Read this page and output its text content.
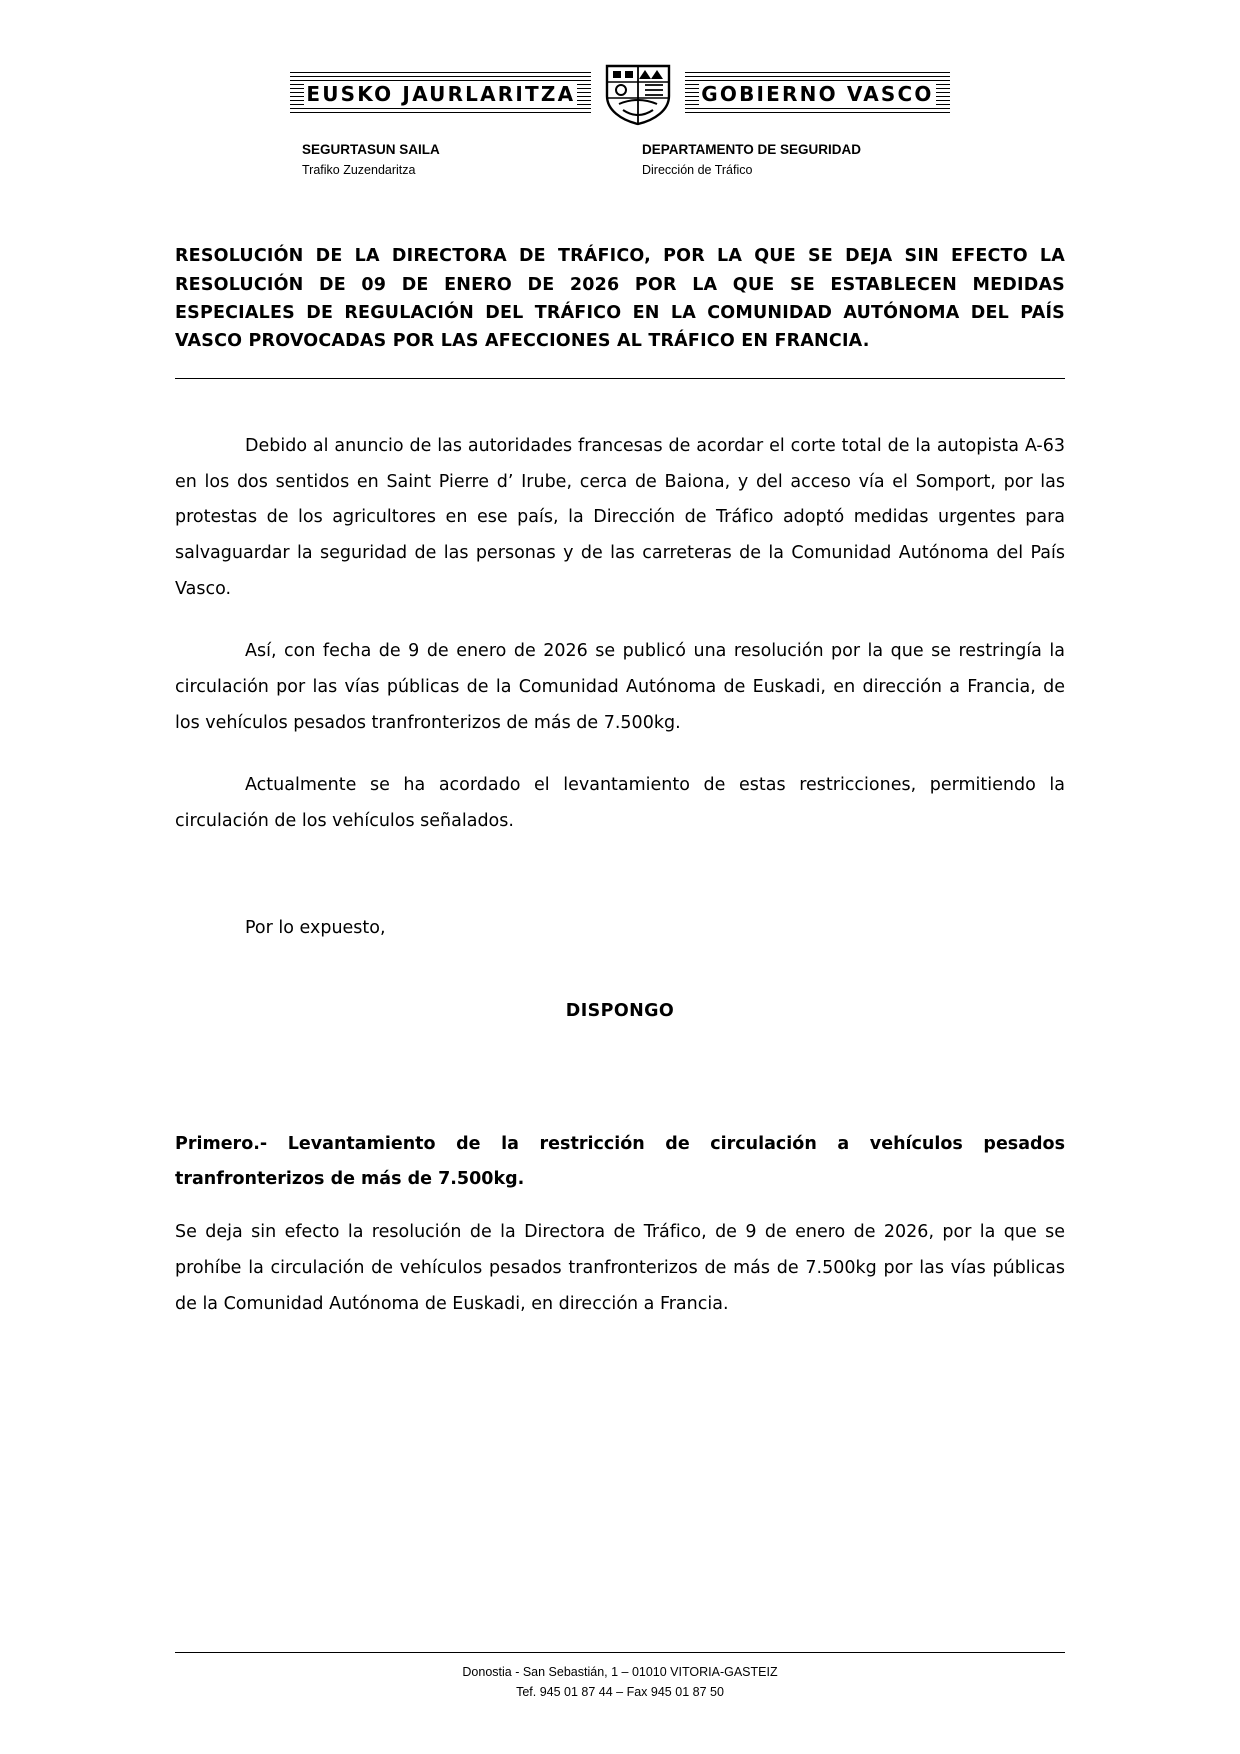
EUSKO JAURLARITZA	GOBIERNO VASCO
SEGURTASUN SAILA
Trafiko Zuzendaritza
DEPARTAMENTO DE SEGURIDAD
Dirección de Tráfico
RESOLUCIÓN DE LA DIRECTORA DE TRÁFICO, POR LA QUE SE DEJA SIN EFECTO LA RESOLUCIÓN DE 09 DE ENERO DE 2026 POR LA QUE SE ESTABLECEN MEDIDAS ESPECIALES DE REGULACIÓN DEL TRÁFICO EN LA COMUNIDAD AUTÓNOMA DEL PAÍS VASCO PROVOCADAS POR LAS AFECCIONES AL TRÁFICO EN FRANCIA.

Debido al anuncio de las autoridades francesas de acordar el corte total de la autopista A-63 en los dos sentidos en Saint Pierre d’ Irube, cerca de Baiona, y del acceso vía el Somport, por las protestas de los agricultores en ese país, la Dirección de Tráfico adoptó medidas urgentes para salvaguardar la seguridad de las personas y de las carreteras de la Comunidad Autónoma del País Vasco.

Así, con fecha de 9 de enero de 2026 se publicó una resolución por la que se restringía la circulación por las vías públicas de la Comunidad Autónoma de Euskadi, en dirección a Francia, de los vehículos pesados tranfronterizos de más de 7.500kg.

Actualmente se ha acordado el levantamiento de estas restricciones, permitiendo la circulación de los vehículos señalados.

Por lo expuesto,

DISPONGO
Primero.- Levantamiento de la restricción de circulación a vehículos pesados tranfronterizos de más de 7.500kg.

Se deja sin efecto la resolución de la Directora de Tráfico, de 9 de enero de 2026, por la que se prohíbe la circulación de vehículos pesados tranfronterizos de más de 7.500kg por las vías públicas de la Comunidad Autónoma de Euskadi, en dirección a Francia.

Donostia - San Sebastián, 1 – 01010 VITORIA-GASTEIZ
Tef. 945 01 87 44 – Fax 945 01 87 50
